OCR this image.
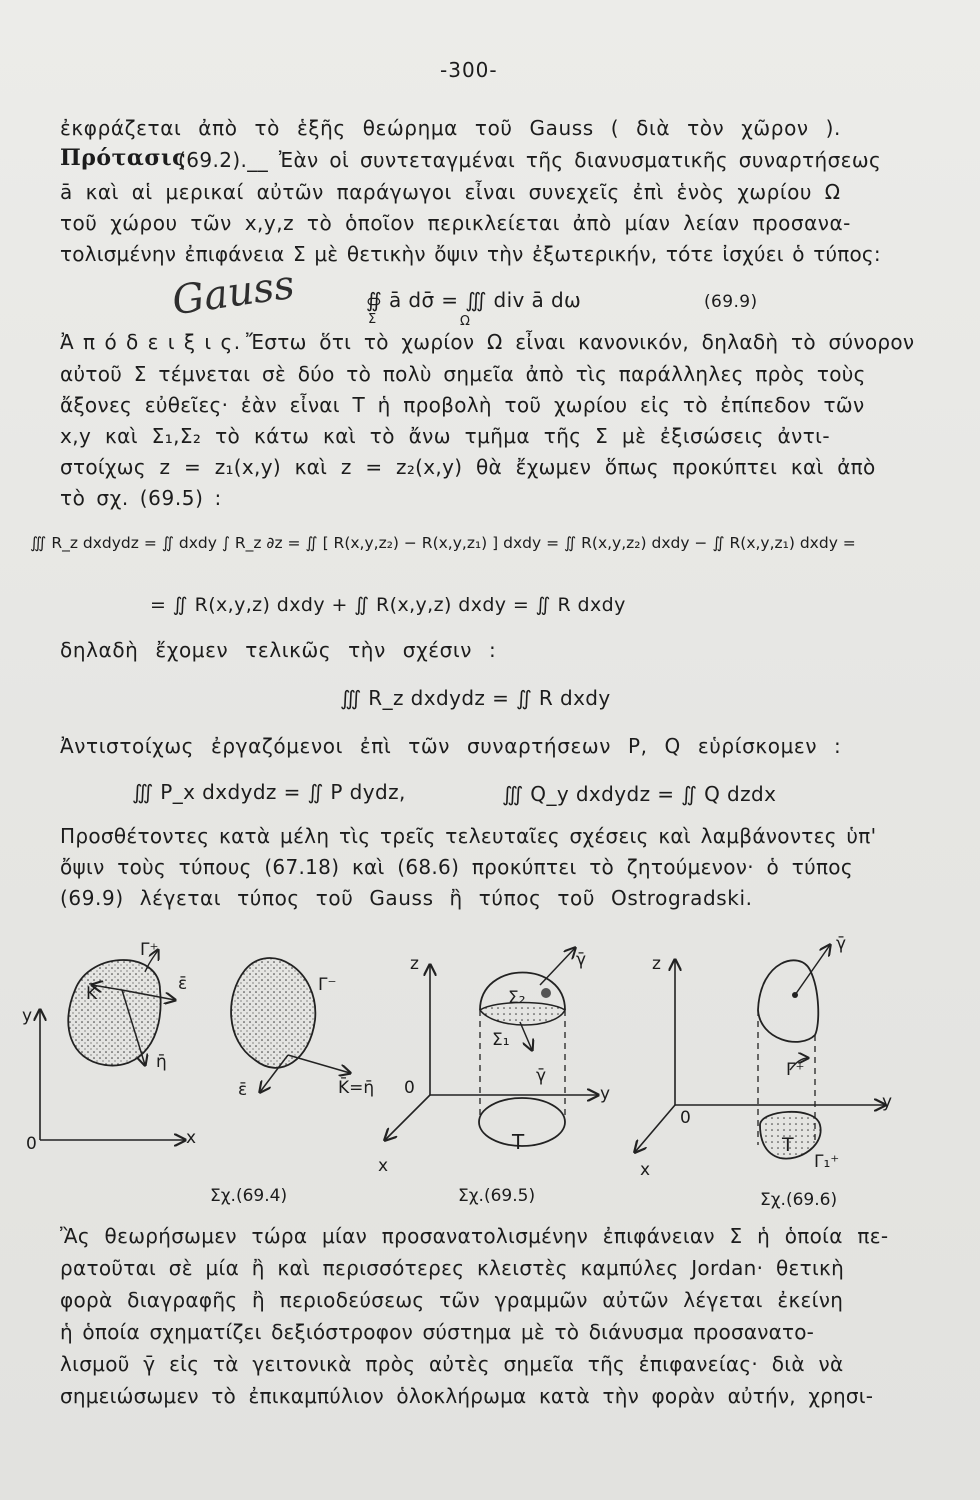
-300-
ἐκφράζεται ἀπὸ τὸ ἑξῆς θεώρημα τοῦ Gauss ( διὰ τὸν χῶρον ).
Πρότασις
(69.2).__ Ἐὰν οἱ συντεταγμέναι τῆς διανυσματικῆς συναρτήσεως
ā καὶ αἱ μερικαί αὐτῶν παράγωγοι εἶναι συνεχεῖς ἐπὶ ἑνὸς χωρίου Ω
τοῦ χώρου τῶν x,y,z τὸ ὁποῖον περικλείεται ἀπὸ μίαν λείαν προσανα-
τολισμένην ἐπιφάνεια Σ μὲ θετικὴν ὄψιν τὴν ἐξωτερικήν, τότε ἰσχύει ὁ τύπος:
Gauss	∯ ā dσ̄ = ∭ div ā dω
Σ	Ω
(69.9)
Ἀ π ό δ ε ι ξ ι ς. Ἔστω ὅτι τὸ χωρίον Ω εἶναι κανονικόν, δηλαδὴ τὸ σύνορον
αὐτοῦ Σ τέμνεται σὲ δύο τὸ πολὺ σημεῖα ἀπὸ τὶς παράλληλες πρὸς τοὺς
ἄξονες εὐθεῖες· ἐὰν εἶναι T ἡ προβολὴ τοῦ χωρίου εἰς τὸ ἐπίπεδον τῶν
x,y καὶ Σ₁,Σ₂ τὸ κάτω καὶ τὸ ἄνω τμῆμα τῆς Σ μὲ ἐξισώσεις ἀντι-
στοίχως z = z₁(x,y) καὶ z = z₂(x,y) θὰ ἔχωμεν ὅπως προκύπτει καὶ ἀπὸ
τὸ σχ. (69.5) :
∭ R_z dxdydz = ∬ dxdy ∫ R_z ∂z = ∬ [ R(x,y,z₂) − R(x,y,z₁) ] dxdy = ∬ R(x,y,z₂) dxdy − ∬ R(x,y,z₁) dxdy =
= ∬ R(x,y,z) dxdy + ∬ R(x,y,z) dxdy = ∬ R dxdy
δηλαδὴ ἔχομεν τελικῶς τὴν σχέσιν :
∭ R_z dxdydz = ∬ R dxdy
Ἀντιστοίχως ἐργαζόμενοι ἐπὶ τῶν συναρτήσεων P, Q εὑρίσκομεν :
∭ P_x dxdydz = ∬ P dydz,	∭ Q_y dxdydz = ∬ Q dzdx
Προσθέτοντες κατὰ μέλη τὶς τρεῖς τελευταῖες σχέσεις καὶ λαμβάνοντες ὑπ'
ὄψιν τοὺς τύπους (67.18) καὶ (68.6) προκύπτει τὸ ζητούμενον· ὁ τύπος
(69.9) λέγεται τύπος τοῦ Gauss ἢ τύπος τοῦ Ostrogradski.
Γ⁺
K̄	ε̄
η̄
Γ⁻
ε̄	K̄=η̄
y
x
0
Σχ.(69.4)
z	γ̄
Σ₂
Σ₁
γ̄
0	y
T
x
Σχ.(69.5)
z
γ̄
Γ⁺
0
y
T
Γ₁⁺
x
Σχ.(69.6)
Ἂς θεωρήσωμεν τώρα μίαν προσανατολισμένην ἐπιφάνειαν Σ ἡ ὁποία πε-
ρατοῦται σὲ μία ἢ καὶ περισσότερες κλειστὲς καμπύλες Jordan· θετικὴ
φορὰ διαγραφῆς ἢ περιοδεύσεως τῶν γραμμῶν αὐτῶν λέγεται ἐκείνη
ἡ ὁποία σχηματίζει δεξιόστροφον σύστημα μὲ τὸ διάνυσμα προσανατο-
λισμοῦ γ̄ εἰς τὰ γειτονικὰ πρὸς αὐτὲς σημεῖα τῆς ἐπιφανείας· διὰ νὰ
σημειώσωμεν τὸ ἐπικαμπύλιον ὁλοκλήρωμα κατὰ τὴν φορὰν αὐτήν, χρησι-
